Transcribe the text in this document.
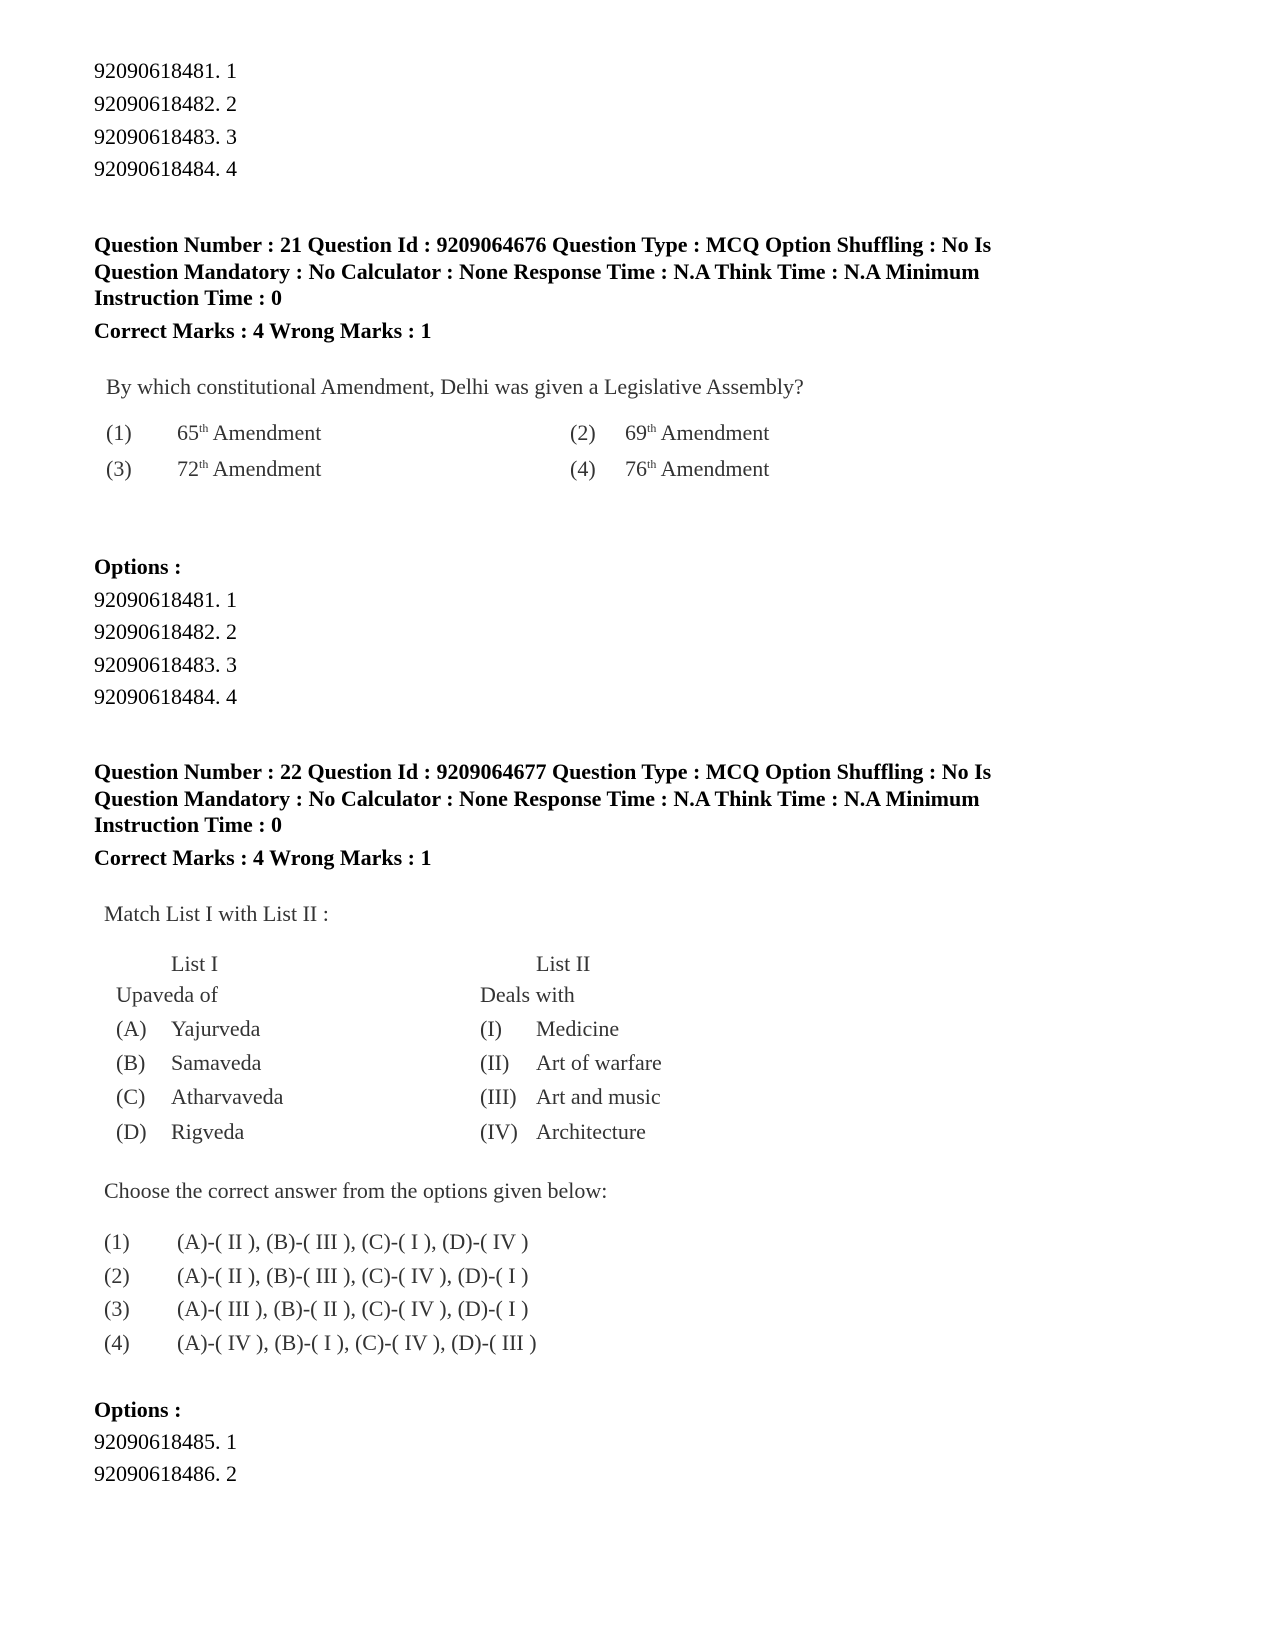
92090618481. 1
92090618482. 2
92090618483. 3
92090618484. 4
Question Number : 21 Question Id : 9209064676 Question Type : MCQ Option Shuffling : No Is
Question Mandatory : No Calculator : None Response Time : N.A Think Time : N.A Minimum
Instruction Time : 0
Correct Marks : 4 Wrong Marks : 1
By which constitutional Amendment, Delhi was given a Legislative Assembly?
(1) 65th Amendment	(2) 69th Amendment
(3) 72th Amendment	(4) 76th Amendment
Options :
92090618481. 1
92090618482. 2
92090618483. 3
92090618484. 4
Question Number : 22 Question Id : 9209064677 Question Type : MCQ Option Shuffling : No Is
Question Mandatory : No Calculator : None Response Time : N.A Think Time : N.A Minimum
Instruction Time : 0
Correct Marks : 4 Wrong Marks : 1
Match List I with List II :
List I	List II
Upaveda of	Deals with
(A) Yajurveda	(I) Medicine
(B) Samaveda	(II) Art of warfare
(C) Atharvaveda	(III) Art and music
(D) Rigveda	(IV) Architecture
Choose the correct answer from the options given below:
(1) (A)-( II ), (B)-( III ), (C)-( I ), (D)-( IV )
(2) (A)-( II ), (B)-( III ), (C)-( IV ), (D)-( I )
(3) (A)-( III ), (B)-( II ), (C)-( IV ), (D)-( I )
(4) (A)-( IV ), (B)-( I ), (C)-( IV ), (D)-( III )
Options :
92090618485. 1
92090618486. 2
